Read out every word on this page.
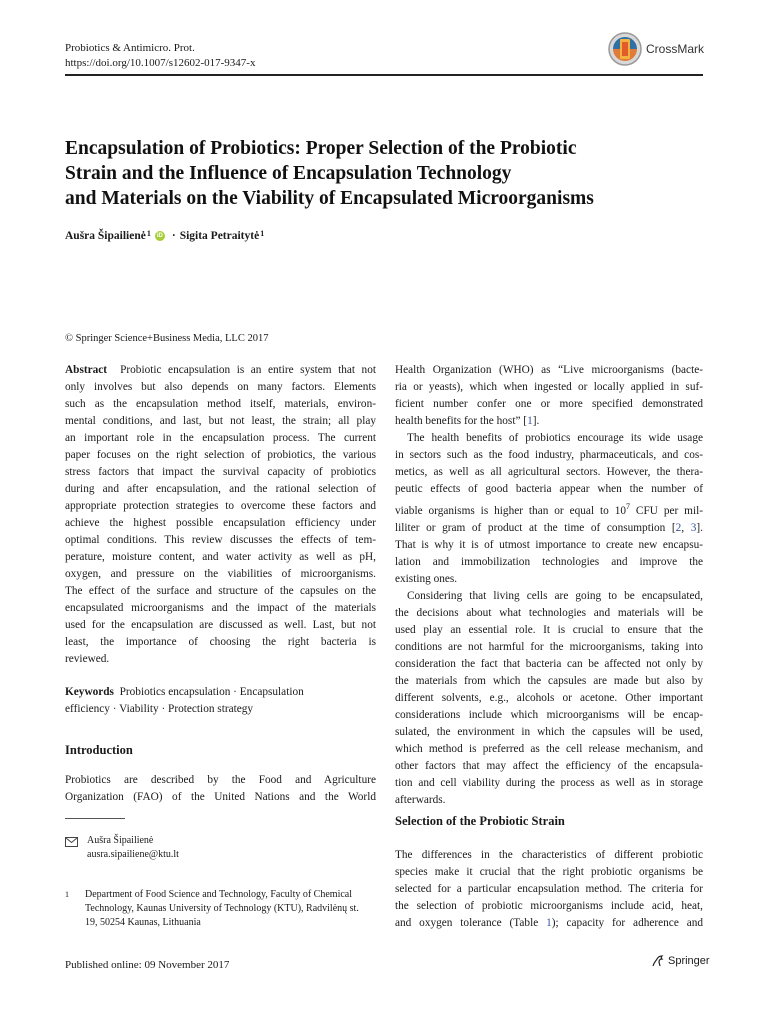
Probiotics & Antimicro. Prot.
https://doi.org/10.1007/s12602-017-9347-x
CrossMark
Encapsulation of Probiotics: Proper Selection of the Probiotic
Strain and the Influence of Encapsulation Technology
and Materials on the Viability of Encapsulated Microorganisms
Aušra Šipailienė$^1$	iD · Sigita Petraitytė$^1$
© Springer Science+Business Media, LLC 2017
Abstract Probiotic encapsulation is an entire system that not
only involves but also depends on many factors. Elements
such as the encapsulation method itself, materials, environ-
mental conditions, and last, but not least, the strain; all play
an important role in the encapsulation process. The current
paper focuses on the right selection of probiotics, the various
stress factors that impact the survival capacity of probiotics
during and after encapsulation, and the rational selection of
appropriate protection strategies to overcome these factors and
achieve the highest possible encapsulation efficiency under
optimal conditions. This review discusses the effects of tem-
perature, moisture content, and water activity as well as pH,
oxygen, and pressure on the viabilities of microorganisms.
The effect of the surface and structure of the capsules on the
encapsulated microorganisms and the impact of the materials
used for the encapsulation are discussed as well. Last, but not
least, the importance of choosing the right bacteria is
reviewed.
Keywords Probiotics encapsulation · Encapsulation
efficiency · Viability · Protection strategy
Introduction
Probiotics are described by the Food and Agriculture
Organization (FAO) of the United Nations and the World
Aušra Šipailienė
ausra.sipailiene@ktu.lt
1	Department of Food Science and Technology, Faculty of Chemical
Technology, Kaunas University of Technology (KTU), Radvilėnų st.
19, 50254 Kaunas, Lithuania
Published online: 09 November 2017	Springer
Health Organization (WHO) as “Live microorganisms (bacte-
ria or yeasts), which when ingested or locally applied in suf-
ficient number confer one or more specified demonstrated
health benefits for the host” [1].
The health benefits of probiotics encourage its wide usage
in sectors such as the food industry, pharmaceuticals, and cos-
metics, as well as all agricultural sectors. However, the thera-
peutic effects of good bacteria appear when the number of
viable organisms is higher than or equal to $10^7$ CFU per mil-
liliter or gram of product at the time of consumption [2, 3].
That is why it is of utmost importance to create new encapsu-
lation and immobilization technologies and improve the
existing ones.
Considering that living cells are going to be encapsulated,
the decisions about what technologies and materials will be
used play an essential role. It is crucial to ensure that the
conditions are not harmful for the microorganisms, taking into
consideration the fact that bacteria can be affected not only by
the materials from which the capsules are made but also by
different solvents, e.g., alcohols or acetone. Other important
considerations include which microorganisms will be encap-
sulated, the environment in which the capsules will be used,
which method is preferred as the cell release mechanism, and
other factors that may affect the efficiency of the encapsula-
tion and cell viability during the process as well as in storage
afterwards.
Selection of the Probiotic Strain
The differences in the characteristics of different probiotic
species make it crucial that the right probiotic organisms be
selected for a particular encapsulation method. The criteria for
the selection of probiotic microorganisms include acid, heat,
and oxygen tolerance (Table 1); capacity for adherence and
